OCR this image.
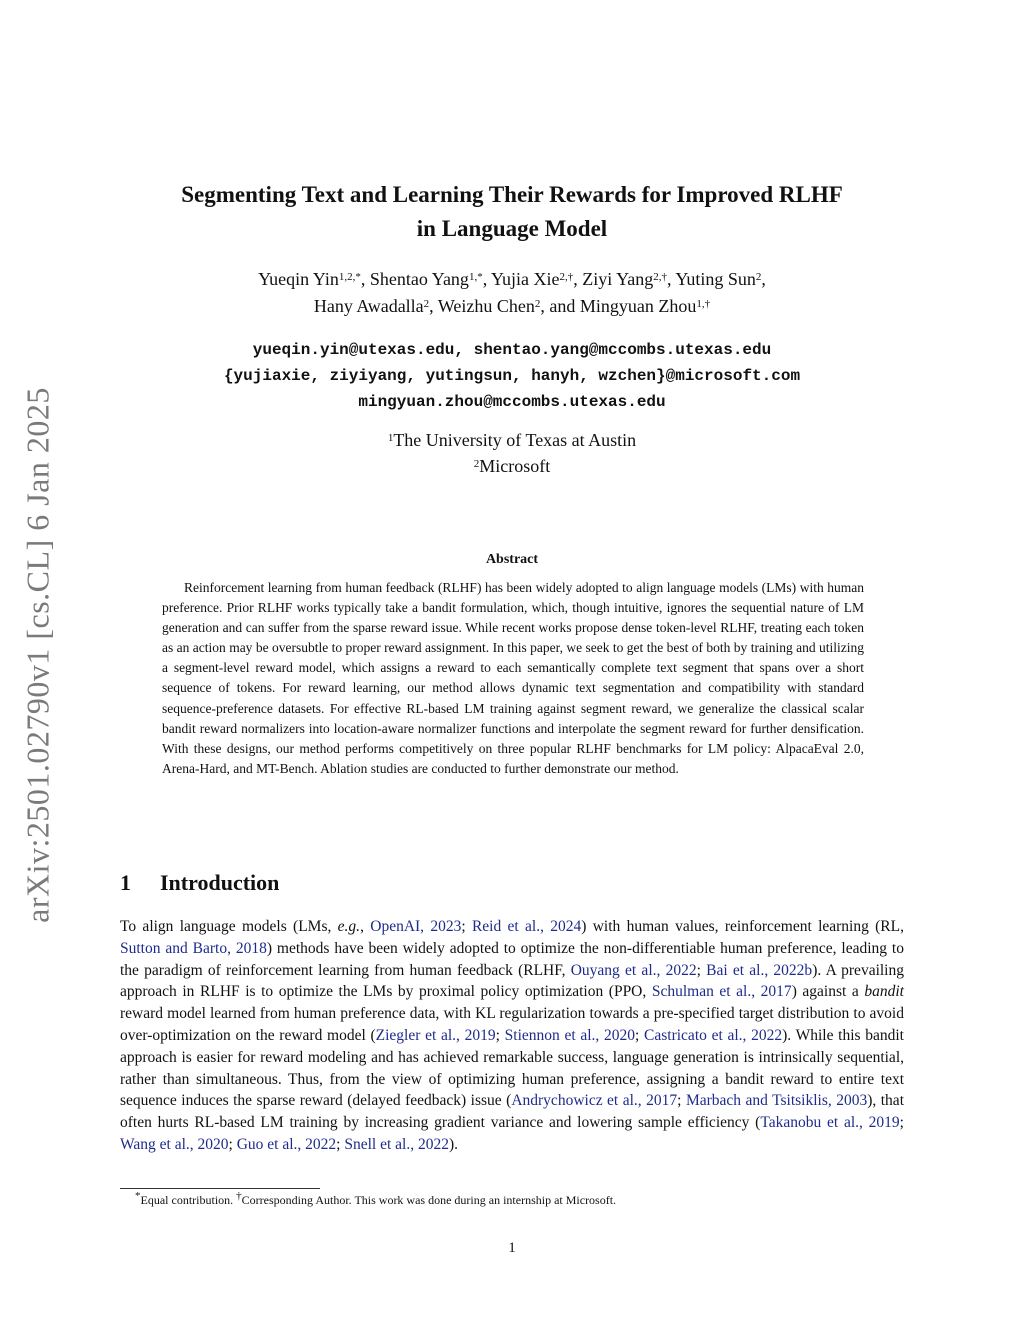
arXiv:2501.02790v1 [cs.CL] 6 Jan 2025
Segmenting Text and Learning Their Rewards for Improved RLHF
in Language Model
Yueqin Yin$^{1,2,*}$, Shentao Yang$^{1,*}$, Yujia Xie$^{2,\dagger}$, Ziyi Yang$^{2,\dagger}$, Yuting Sun$^2$,
Hany Awadalla$^2$, Weizhu Chen$^2$, and Mingyuan Zhou$^{1,\dagger}$
yueqin.yin@utexas.edu, shentao.yang@mccombs.utexas.edu
{yujiaxie, ziyiyang, yutingsun, hanyh, wzchen}@microsoft.com
mingyuan.zhou@mccombs.utexas.edu
$^1$The University of Texas at Austin
$^2$Microsoft
Abstract

Reinforcement learning from human feedback (RLHF) has been widely adopted to align language models (LMs) with human preference. Prior RLHF works typically take a bandit formulation, which, though intuitive, ignores the sequential nature of LM generation and can suffer from the sparse reward issue. While recent works propose dense token-level RLHF, treating each token as an action may be oversubtle to proper reward assignment. In this paper, we seek to get the best of both by training and utilizing a segment-level reward model, which assigns a reward to each semantically complete text segment that spans over a short sequence of tokens. For reward learning, our method allows dynamic text segmentation and compatibility with standard sequence-preference datasets. For effective RL-based LM training against segment reward, we generalize the classical scalar bandit reward normalizers into location-aware normalizer functions and interpolate the segment reward for further densification. With these designs, our method performs competitively on three popular RLHF benchmarks for LM policy: AlpacaEval 2.0, Arena-Hard, and MT-Bench. Ablation studies are conducted to further demonstrate our method.

1 Introduction

To align language models (LMs, e.g., OpenAI, 2023; Reid et al., 2024) with human values, reinforcement learning (RL, Sutton and Barto, 2018) methods have been widely adopted to optimize the non-differentiable human preference, leading to the paradigm of reinforcement learning from human feedback (RLHF, Ouyang et al., 2022; Bai et al., 2022b). A prevailing approach in RLHF is to optimize the LMs by proximal policy optimization (PPO, Schulman et al., 2017) against a bandit reward model learned from human preference data, with KL regularization towards a pre-specified target distribution to avoid over-optimization on the reward model (Ziegler et al., 2019; Stiennon et al., 2020; Castricato et al., 2022). While this bandit approach is easier for reward modeling and has achieved remarkable success, language generation is intrinsically sequential, rather than simultaneous. Thus, from the view of optimizing human preference, assigning a bandit reward to entire text sequence induces the sparse reward (delayed feedback) issue (Andrychowicz et al., 2017; Marbach and Tsitsiklis, 2003), that often hurts RL-based LM training by increasing gradient variance and lowering sample efficiency (Takanobu et al., 2019; Wang et al., 2020; Guo et al., 2022; Snell et al., 2022).

*Equal contribution. †Corresponding Author. This work was done during an internship at Microsoft.
1
